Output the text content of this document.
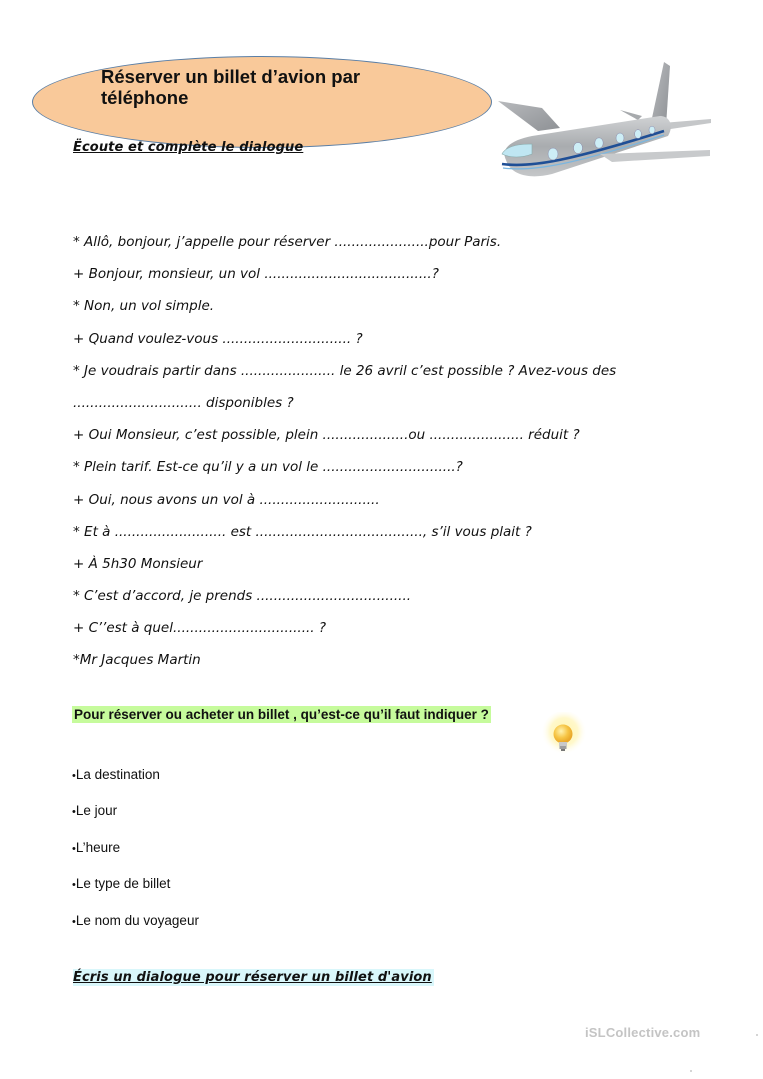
Réserver un billet d’avion par téléphone
Ëcoute et complète le dialogue
* Allô, bonjour, j’appelle pour réserver ......................pour Paris.
+ Bonjour, monsieur, un vol .......................................?
* Non, un vol simple.
+ Quand voulez-vous .............................. ?
* Je voudrais partir dans ...................... le 26 avril c’est possible ? Avez-vous des
.............................. disponibles ?
+ Oui Monsieur, c’est possible, plein ....................ou ...................... réduit ?
* Plein tarif. Est-ce qu’il y a un vol le ...............................?
+ Oui, nous avons un vol à ............................
* Et à .......................... est ......................................., s’il vous plait ?
+ À 5h30 Monsieur
* C’est d’accord, je prends ....................................
+ C’’est à quel................................. ?
*Mr Jacques Martin
Pour réserver ou acheter un billet , qu’est-ce qu’il faut indiquer ?
•La destination
•Le jour
•L’heure
•Le type de billet
•Le nom du voyageur
Écris un dialogue pour réserver un billet d'avion
iSLCollective.com
